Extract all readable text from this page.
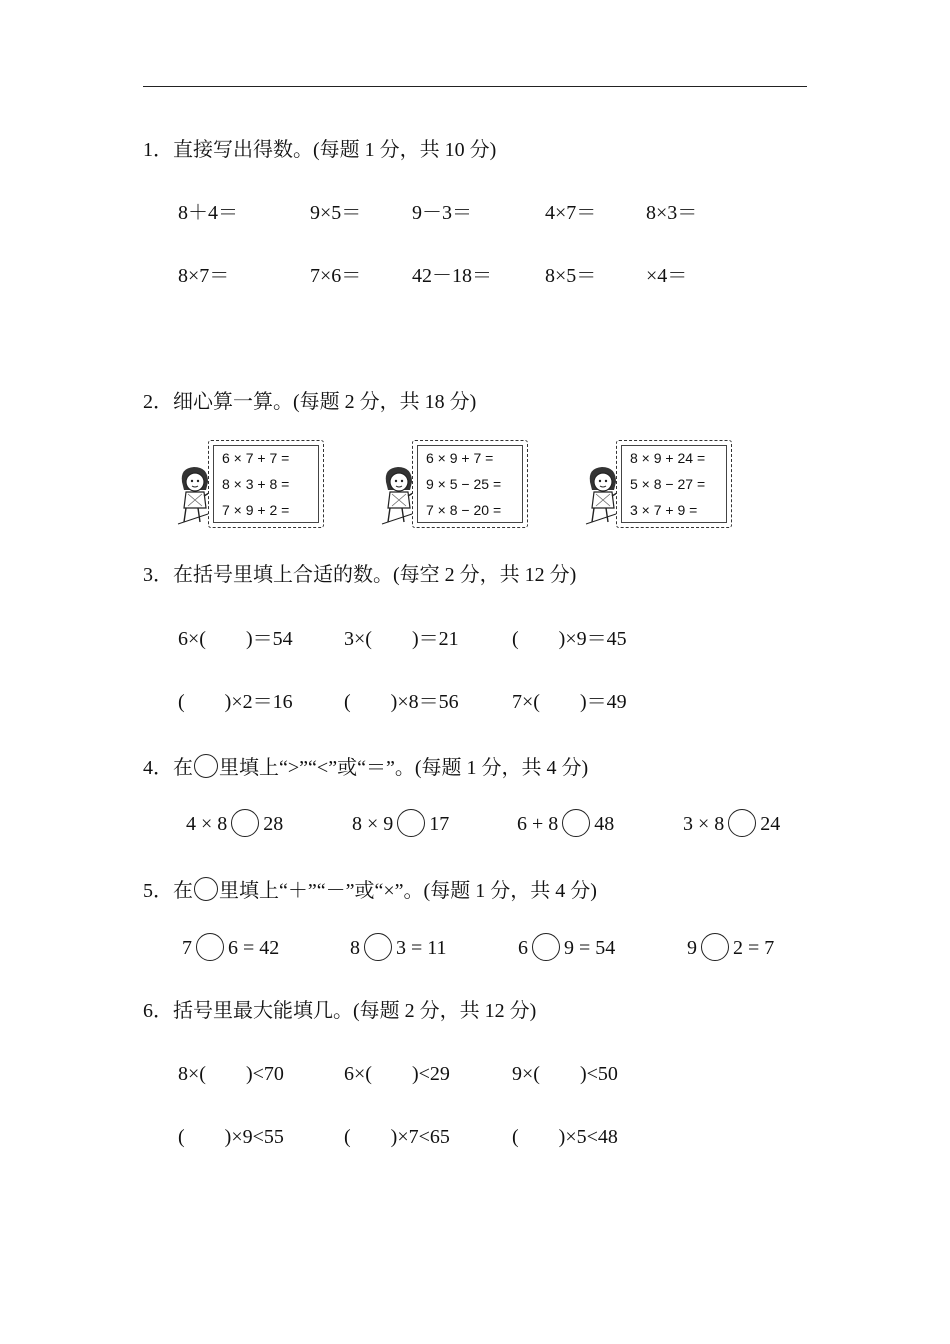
1．直接写出得数。(每题 1 分，共 10 分)
8＋4＝	9×5＝	9－3＝	4×7＝ 8×3＝
8×7＝	7×6＝	42－18＝	8×5＝ ×4＝
2．细心算一算。(每题 2 分，共 18 分)
6 × 7 + 7 =
8 × 3 + 8 =
7 × 9 + 2 =
6 × 9 + 7 =
9 × 5 − 25 =
7 × 8 − 20 =
8 × 9 + 24 =
5 × 8 − 27 =
3 × 7 + 9 =
3．在括号里填上合适的数。(每空 2 分，共 12 分)
6×(　　)＝54	3×(　　)＝21	(　　)×9＝45
(　　)×2＝16	(　　)×8＝56	7×(　　)＝49
4．在 里填上“>”“<”或“＝”。(每题 1 分，共 4 分)
4 × 8 28	8 × 9 17	6 + 8 48	3 × 8 24
5．在 里填上“＋”“－”或“×”。(每题 1 分，共 4 分)
7 6 = 42	8 3 = 11	6 9 = 54	9 2 = 7
6．括号里最大能填几。(每题 2 分，共 12 分)
8×(　　)<70	6×(　　)<29	9×(　　)<50
(　　)×9<55	(　　)×7<65	(　　)×5<48
